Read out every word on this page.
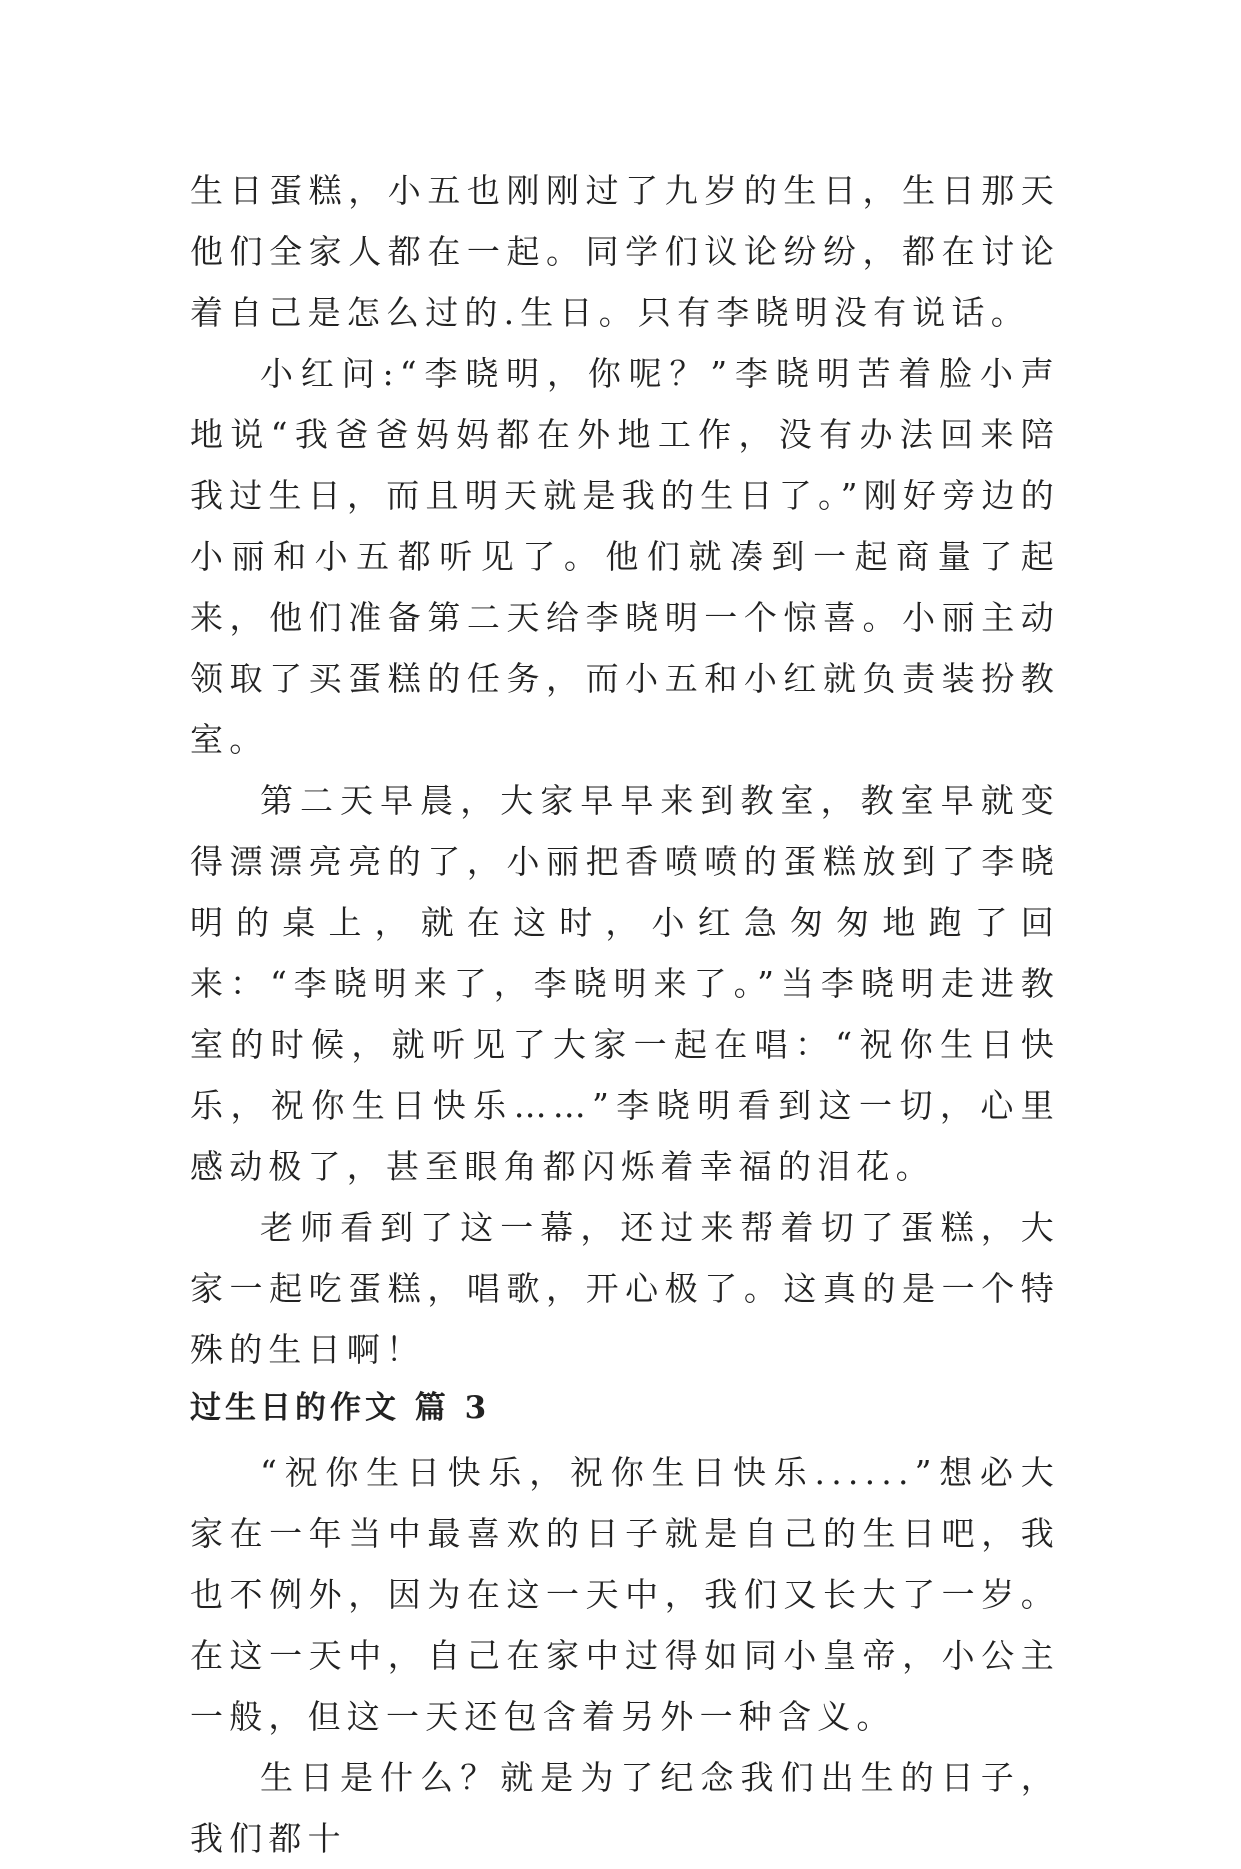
生日蛋糕，小五也刚刚过了九岁的生日，生日那天他们全家人都在一起。同学们议论纷纷，都在讨论着自己是怎么过的.生日。只有李晓明没有说话。

小红问:“李晓明，你呢？”李晓明苦着脸小声地说“我爸爸妈妈都在外地工作，没有办法回来陪我过生日，而且明天就是我的生日了。”刚好旁边的小丽和小五都听见了。他们就凑到一起商量了起来，他们准备第二天给李晓明一个惊喜。小丽主动领取了买蛋糕的任务，而小五和小红就负责装扮教室。

第二天早晨，大家早早来到教室，教室早就变得漂漂亮亮的了，小丽把香喷喷的蛋糕放到了李晓明的桌上，就在这时，小红急匆匆地跑了回来：“李晓明来了，李晓明来了。”当李晓明走进教室的时候，就听见了大家一起在唱：“祝你生日快乐，祝你生日快乐……”李晓明看到这一切，心里感动极了，甚至眼角都闪烁着幸福的泪花。

老师看到了这一幕，还过来帮着切了蛋糕，大家一起吃蛋糕，唱歌，开心极了。这真的是一个特殊的生日啊！

过生日的作文 篇 3

“祝你生日快乐，祝你生日快乐......”想必大家在一年当中最喜欢的日子就是自己的生日吧，我也不例外，因为在这一天中，我们又长大了一岁。在这一天中，自己在家中过得如同小皇帝，小公主一般，但这一天还包含着另外一种含义。

生日是什么？就是为了纪念我们出生的日子，我们都十
